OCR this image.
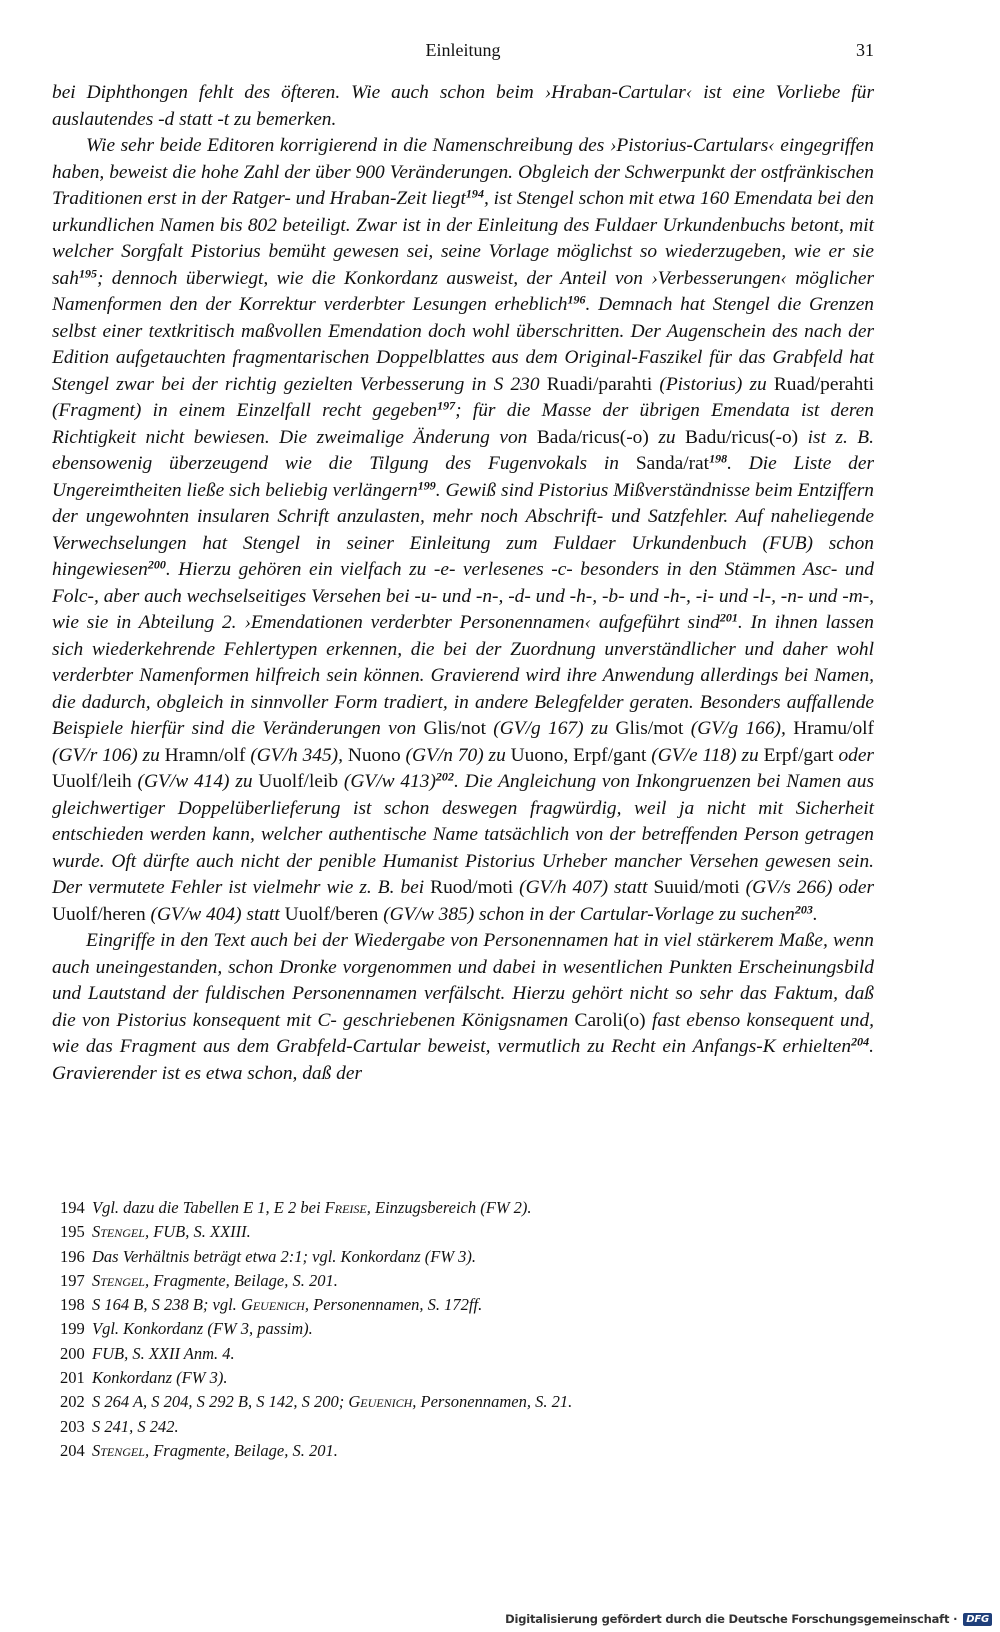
Einleitung	31

bei Diphthongen fehlt des öfteren. Wie auch schon beim ›Hraban-Cartular‹ ist eine Vorliebe für auslautendes -d statt -t zu bemerken.

Wie sehr beide Editoren korrigierend in die Namenschreibung des ›Pistorius-Cartulars‹ eingegriffen haben, beweist die hohe Zahl der über 900 Veränderungen. Obgleich der Schwerpunkt der ostfränkischen Traditionen erst in der Ratger- und Hraban-Zeit liegt$^{194}$, ist Stengel schon mit etwa 160 Emendata bei den urkundlichen Namen bis 802 beteiligt. Zwar ist in der Einleitung des Fuldaer Urkundenbuchs betont, mit welcher Sorgfalt Pistorius bemüht gewesen sei, seine Vorlage möglichst so wiederzugeben, wie er sie sah$^{195}$; dennoch überwiegt, wie die Konkordanz ausweist, der Anteil von ›Verbesserungen‹ möglicher Namenformen den der Korrektur verderbter Lesungen erheblich$^{196}$. Demnach hat Stengel die Grenzen selbst einer textkritisch maßvollen Emendation doch wohl überschritten. Der Augenschein des nach der Edition aufgetauchten fragmentarischen Doppelblattes aus dem Original-Faszikel für das Grabfeld hat Stengel zwar bei der richtig gezielten Verbesserung in S 230 Ruadi/parahti (Pistorius) zu Ruad/perahti (Fragment) in einem Einzelfall recht gegeben$^{197}$; für die Masse der übrigen Emendata ist deren Richtigkeit nicht bewiesen. Die zweimalige Änderung von Bada/ricus(-o) zu Badu/ricus(-o) ist z. B. ebensowenig überzeugend wie die Tilgung des Fugenvokals in Sanda/rat$^{198}$. Die Liste der Ungereimtheiten ließe sich beliebig verlängern$^{199}$. Gewiß sind Pistorius Mißverständnisse beim Entziffern der ungewohnten insularen Schrift anzulasten, mehr noch Abschrift- und Satzfehler. Auf naheliegende Verwechselungen hat Stengel in seiner Einleitung zum Fuldaer Urkundenbuch (FUB) schon hingewiesen$^{200}$. Hierzu gehören ein vielfach zu -e- verlesenes -c- besonders in den Stämmen Asc- und Folc-, aber auch wechselseitiges Versehen bei -u- und -n-, -d- und -h-, -b- und -h-, -i- und -l-, -n- und -m-, wie sie in Abteilung 2. ›Emendationen verderbter Personennamen‹ aufgeführt sind$^{201}$. In ihnen lassen sich wiederkehrende Fehlertypen erkennen, die bei der Zuordnung unverständlicher und daher wohl verderbter Namenformen hilfreich sein können. Gravierend wird ihre Anwendung allerdings bei Namen, die dadurch, obgleich in sinnvoller Form tradiert, in andere Belegfelder geraten. Besonders auffallende Beispiele hierfür sind die Veränderungen von Glis/not (GV/g 167) zu Glis/mot (GV/g 166), Hramu/olf (GV/r 106) zu Hramn/olf (GV/h 345), Nuono (GV/n 70) zu Uuono, Erpf/gant (GV/e 118) zu Erpf/gart oder Uuolf/leih (GV/w 414) zu Uuolf/leib (GV/w 413)$^{202}$. Die Angleichung von Inkongruenzen bei Namen aus gleichwertiger Doppelüberlieferung ist schon deswegen fragwürdig, weil ja nicht mit Sicherheit entschieden werden kann, welcher authentische Name tatsächlich von der betreffenden Person getragen wurde. Oft dürfte auch nicht der penible Humanist Pistorius Urheber mancher Versehen gewesen sein. Der vermutete Fehler ist vielmehr wie z. B. bei Ruod/moti (GV/h 407) statt Suuid/moti (GV/s 266) oder Uuolf/heren (GV/w 404) statt Uuolf/beren (GV/w 385) schon in der Cartular-Vorlage zu suchen$^{203}$.

Eingriffe in den Text auch bei der Wiedergabe von Personennamen hat in viel stärkerem Maße, wenn auch uneingestanden, schon Dronke vorgenommen und dabei in wesentlichen Punkten Erscheinungsbild und Lautstand der fuldischen Personennamen verfälscht. Hierzu gehört nicht so sehr das Faktum, daß die von Pistorius konsequent mit C- geschriebenen Königsnamen Caroli(o) fast ebenso konsequent und, wie das Fragment aus dem Grabfeld-Cartular beweist, vermutlich zu Recht ein Anfangs-K erhielten$^{204}$. Gravierender ist es etwa schon, daß der

194 Vgl. dazu die Tabellen E 1, E 2 bei Freise, Einzugsbereich (FW 2).
195 Stengel, FUB, S. XXIII.
196 Das Verhältnis beträgt etwa 2:1; vgl. Konkordanz (FW 3).
197 Stengel, Fragmente, Beilage, S. 201.
198 S 164 B, S 238 B; vgl. Geuenich, Personennamen, S. 172ff.
199 Vgl. Konkordanz (FW 3, passim).
200 FUB, S. XXII Anm. 4.
201 Konkordanz (FW 3).
202 S 264 A, S 204, S 292 B, S 142, S 200; Geuenich, Personennamen, S. 21.
203 S 241, S 242.
204 Stengel, Fragmente, Beilage, S. 201.
Digitalisierung gefördert durch die Deutsche Forschungsgemeinschaft · DFG
